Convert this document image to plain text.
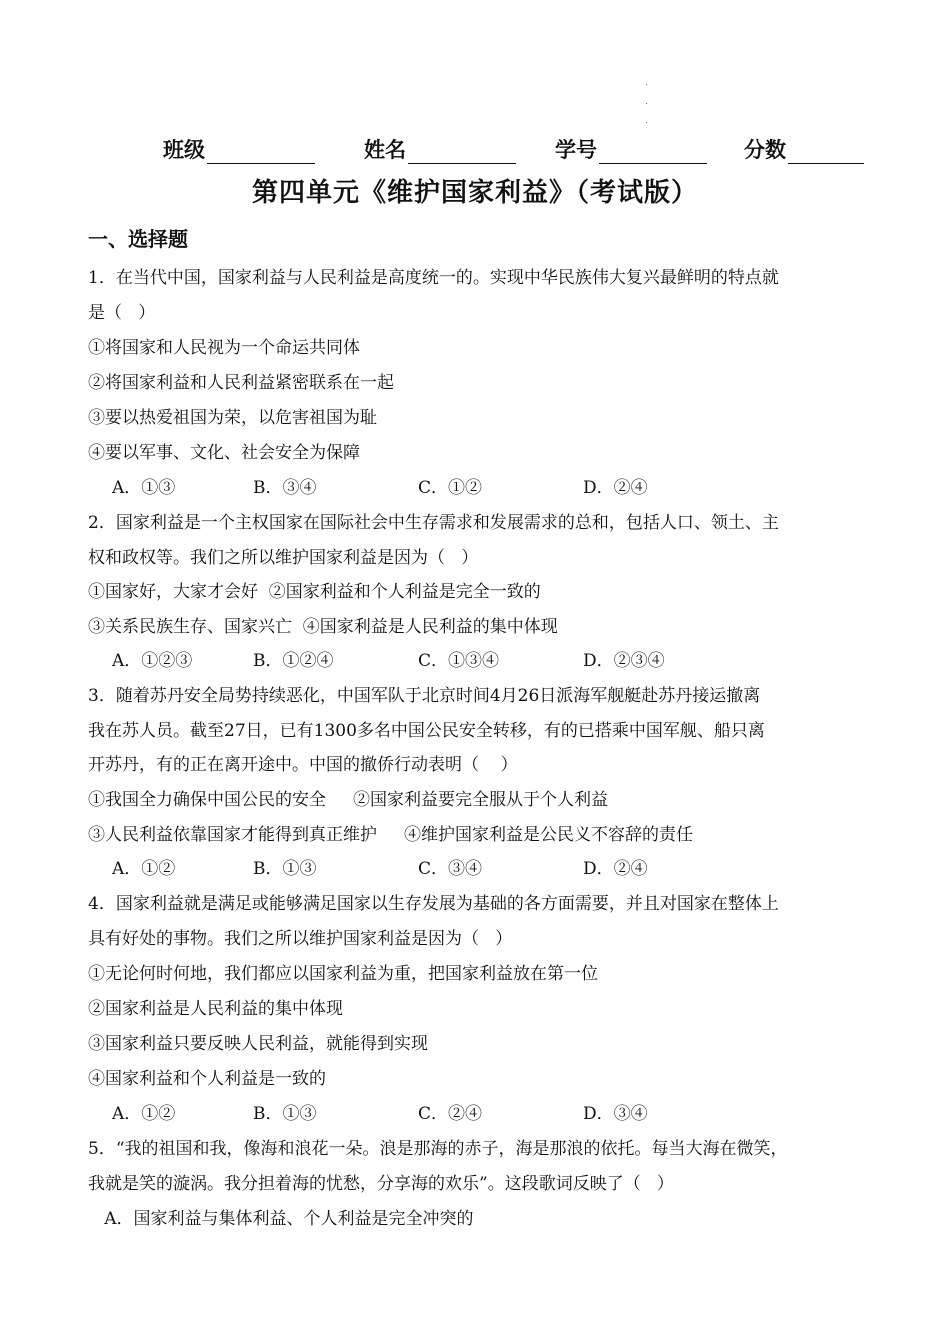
班级	姓名	学号	分数
第四单元《维护国家利益》（考试版）
一、选择题
1．在当代中国，国家利益与人民利益是高度统一的。实现中华民族伟大复兴最鲜明的特点就
是（   ）
①将国家和人民视为一个命运共同体
②将国家利益和人民利益紧密联系在一起
③要以热爱祖国为荣，以危害祖国为耻
④要以军事、文化、社会安全为保障
A．①③	B．③④	C．①②	D．②④
2．国家利益是一个主权国家在国际社会中生存需求和发展需求的总和，包括人口、领土、主
权和政权等。我们之所以维护国家利益是因为（   ）
①国家好，大家才会好  ②国家利益和个人利益是完全一致的
③关系民族生存、国家兴亡  ④国家利益是人民利益的集中体现
A．①②③	B．①②④	C．①③④	D．②③④
3．随着苏丹安全局势持续恶化，中国军队于北京时间4月26日派海军舰艇赴苏丹接运撤离
我在苏人员。截至27日，已有1300多名中国公民安全转移，有的已搭乘中国军舰、船只离
开苏丹，有的正在离开途中。中国的撤侨行动表明（    ）
①我国全力确保中国公民的安全     ②国家利益要完全服从于个人利益
③人民利益依靠国家才能得到真正维护     ④维护国家利益是公民义不容辞的责任
A．①②	B．①③	C．③④	D．②④
4．国家利益就是满足或能够满足国家以生存发展为基础的各方面需要，并且对国家在整体上
具有好处的事物。我们之所以维护国家利益是因为（   ）
①无论何时何地，我们都应以国家利益为重，把国家利益放在第一位
②国家利益是人民利益的集中体现
③国家利益只要反映人民利益，就能得到实现
④国家利益和个人利益是一致的
A．①②	B．①③	C．②④	D．③④
5．“我的祖国和我，像海和浪花一朵。浪是那海的赤子，海是那浪的依托。每当大海在微笑，
我就是笑的漩涡。我分担着海的忧愁，分享海的欢乐”。这段歌词反映了（   ）
A．国家利益与集体利益、个人利益是完全冲突的
